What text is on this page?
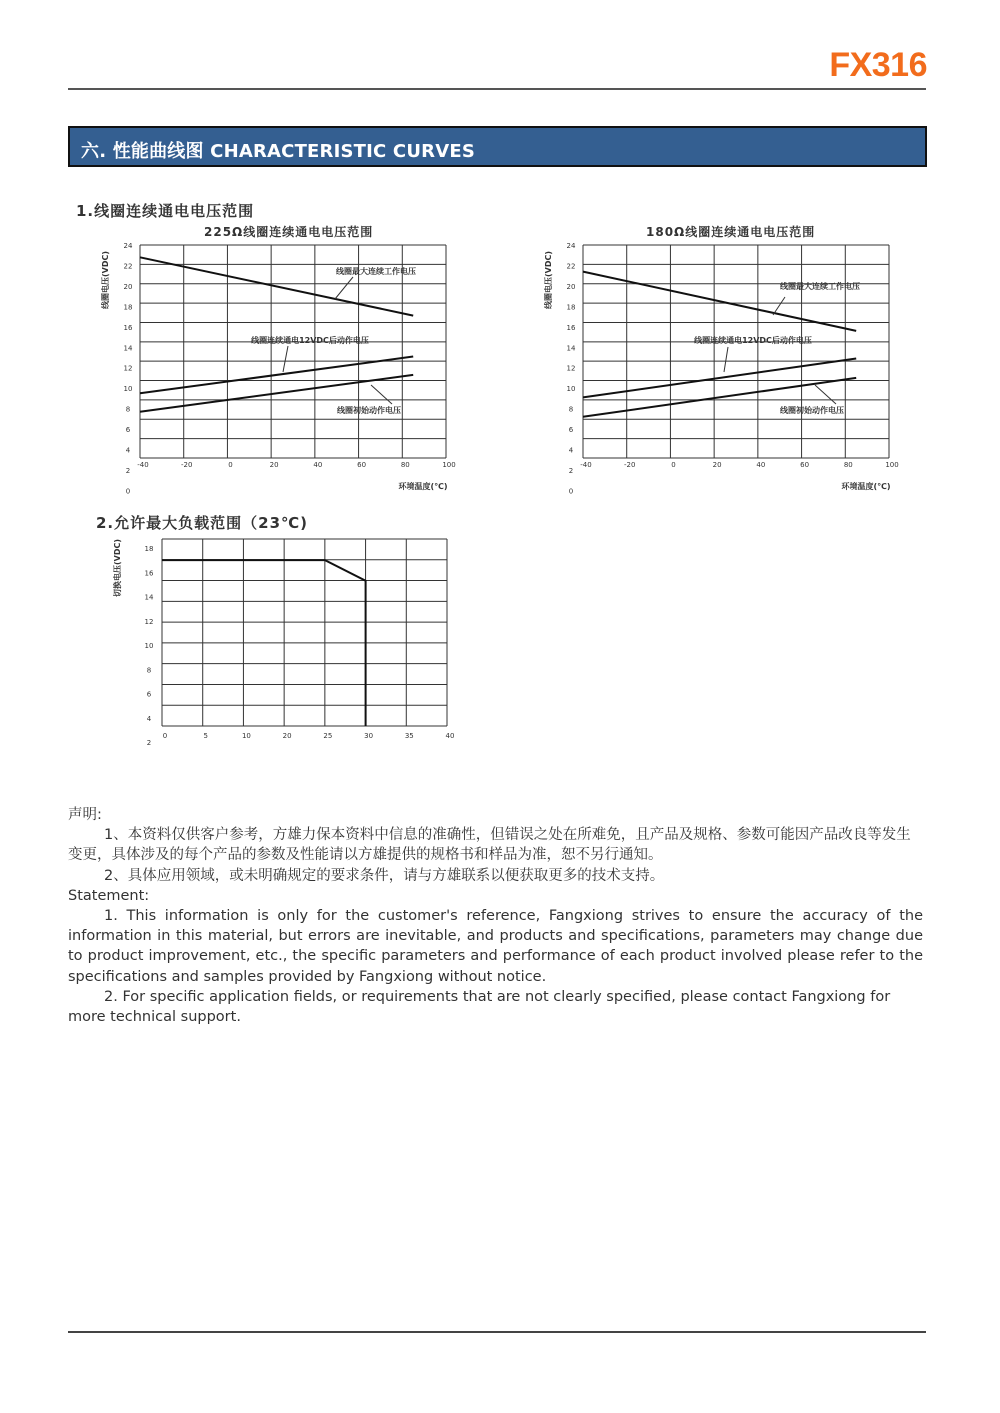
FX316
六. 性能曲线图 CHARACTERISTIC CURVES
1.线圈连续通电电压范围
225Ω线圈连续通电电压范围	180Ω线圈连续通电电压范围
2.允许最大负载范围（23℃)
24
22
20
18
16
14
12
10
8
6
4
2
0
-40	-20	0	20	40	60	80	100
线圈电压(VDC)
环境温度(℃)
线圈最大连续工作电压
线圈连续通电12VDC后动作电压
线圈初始动作电压
24
22
20
18
16
14
12
10
8
6
4
2
0
-40	-20	0	20	40	60	80	100
线圈电压(VDC)
环境温度(℃)
线圈最大连续工作电压
线圈连续通电12VDC后动作电压
线圈初始动作电压
18
16
14
12
10
8
6
4
2
0	5	10	20	25	30	35	40
切换电压(VDC)

声明:

1、本资料仅供客户参考，方雄力保本资料中信息的准确性，但错误之处在所难免，且产品及规格、参数可能因产品改良等发生变更，具体涉及的每个产品的参数及性能请以方雄提供的规格书和样品为准，恕不另行通知。

2、具体应用领域，或未明确规定的要求条件，请与方雄联系以便获取更多的技术支持。

Statement:

1. This information is only for the customer's reference, Fangxiong strives to ensure the accuracy of the information in this material, but errors are inevitable, and products and specifications, parameters may change due to product improvement, etc., the specific parameters and performance of each product involved please refer to the specifications and samples provided by Fangxiong without notice.

2. For specific application fields, or requirements that are not clearly specified, please contact Fangxiong for more technical support.
